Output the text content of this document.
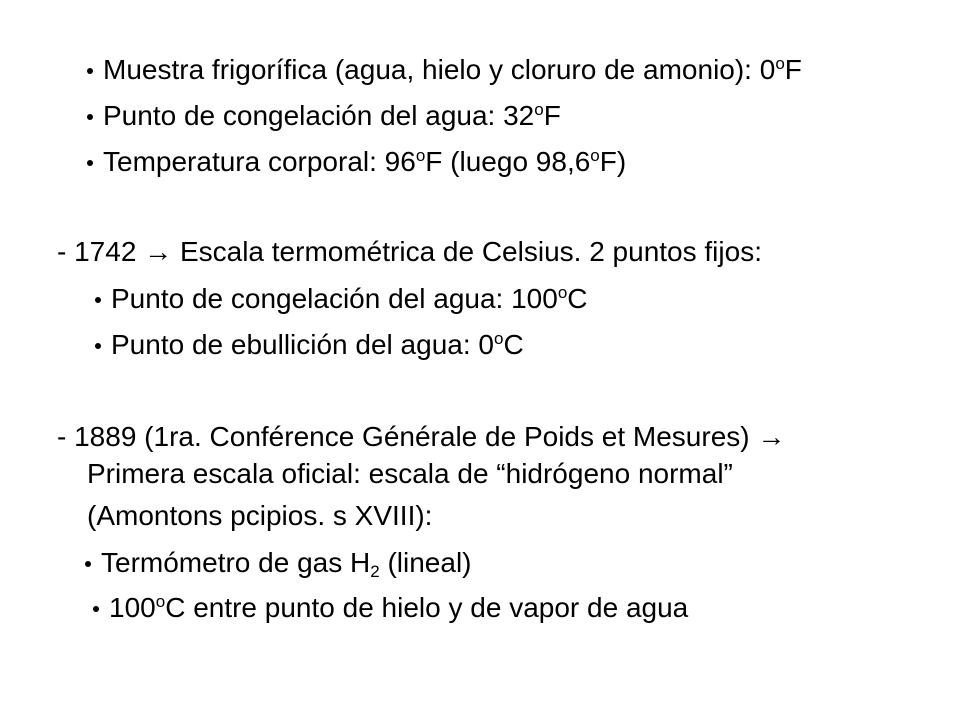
Muestra frigorífica (agua, hielo y cloruro de amonio): 0$^o$F
Punto de congelación del agua: 32$^o$F
Temperatura corporal: 96$^o$F (luego 98,6$^o$F)
- 1742 → Escala termométrica de Celsius. 2 puntos fijos:
Punto de congelación del agua: 100$^o$C
Punto de ebullición del agua: 0$^o$C
- 1889 (1ra. Conférence Générale de Poids et Mesures) →
Primera escala oficial: escala de “hidrógeno normal”
(Amontons pcipios. s XVIII):
Termómetro de gas $H_2$ (lineal)
100$^o$C entre punto de hielo y de vapor de agua
